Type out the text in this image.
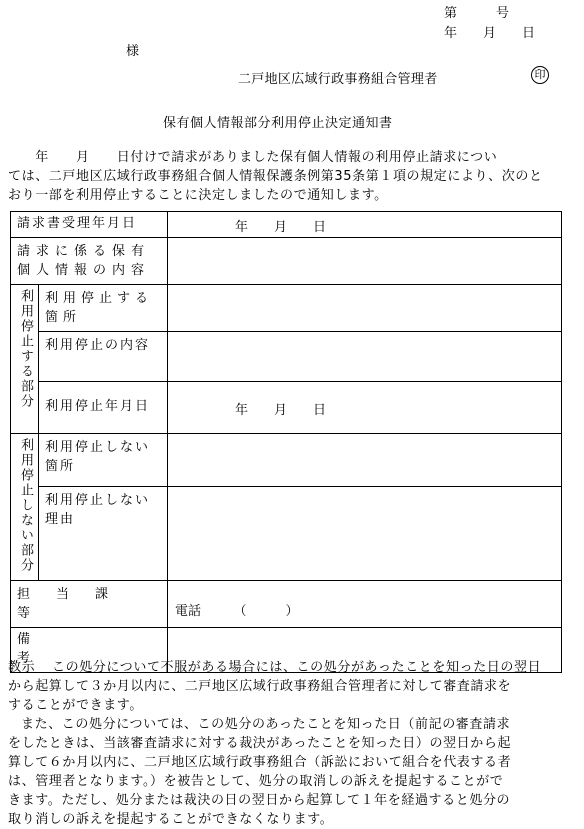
第　　　号
年　　月　　日
様
二戸地区広域行政事務組合管理者	印
保有個人情報部分利用停止決定通知書
　　年　　月　　日付けで請求がありました保有個人情報の利用停止請求につい
ては、二戸地区広域行政事務組合個人情報保護条例第35条第１項の規定により、次のと
おり一部を利用停止することに決定しましたので通知します。
請求書受理年月日		年　　月　　日

請求に係る保有個人情報の内容		

利用停止する部分	利用停止する箇所	

	利用停止の内容	

	利用停止年月日	年　　月　　日

利用停止しない部分	利用停止しない箇所	

	利用停止しない理由	

担当課等		電話　　　（　　　）

備考		

教示	この処分について不服がある場合には、この処分があったことを知った日の翌日
から起算して３か月以内に、二戸地区広域行政事務組合管理者に対して審査請求を
することができます。
また、この処分については、この処分のあったことを知った日（前記の審査請求
をしたときは、当該審査請求に対する裁決があったことを知った日）の翌日から起
算して６か月以内に、二戸地区広域行政事務組合（訴訟において組合を代表する者
は、管理者となります。）を被告として、処分の取消しの訴えを提起することがで
きます。ただし、処分または裁決の日の翌日から起算して１年を経過すると処分の
取り消しの訴えを提起することができなくなります。
